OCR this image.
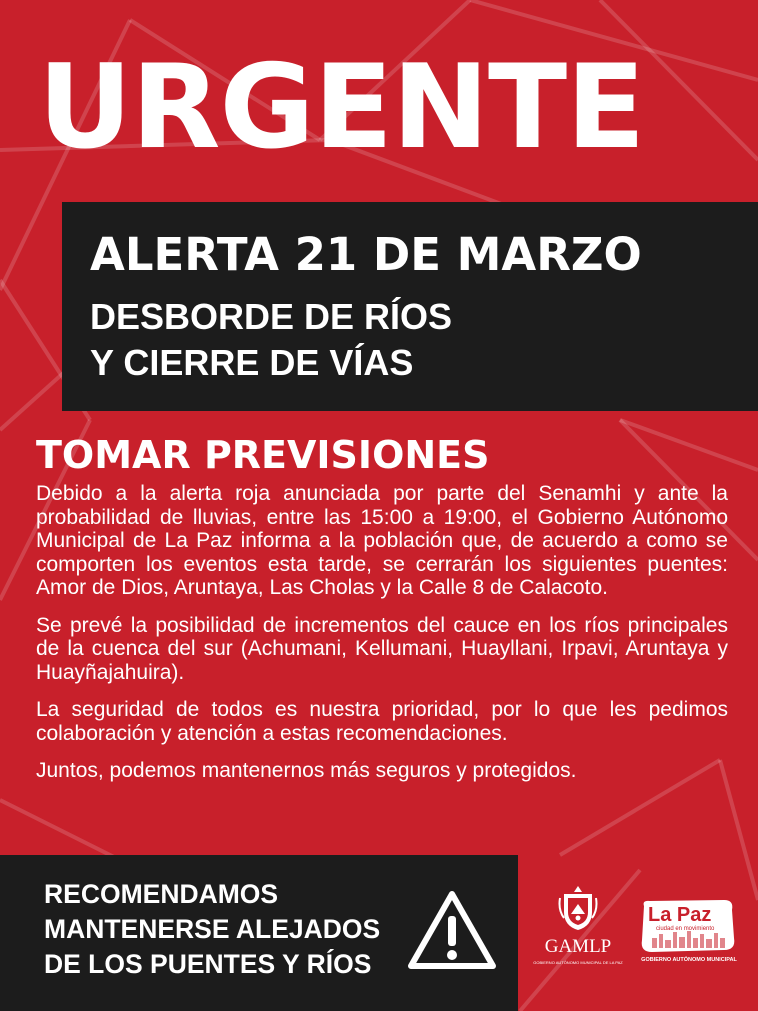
URGENTE
ALERTA 21 DE MARZO
DESBORDE DE RÍOS
Y CIERRE DE VÍAS
TOMAR PREVISIONES

Debido a la alerta roja anunciada por parte del Senamhi y ante la probabilidad de lluvias, entre las 15:00 a 19:00, el Gobierno Autónomo Municipal de La Paz informa a la población que, de acuerdo a como se comporten los eventos esta tarde, se cerrarán los siguientes puentes: Amor de Dios, Aruntaya, Las Cholas y la Calle 8 de Calacoto.

Se prevé la posibilidad de incrementos del cauce en los ríos principales de la cuenca del sur (Achumani, Kellumani, Huayllani, Irpavi, Aruntaya y Huayñajahuira).

La seguridad de todos es nuestra prioridad, por lo que les pedimos colaboración y atención a estas recomendaciones.

Juntos, podemos mantenernos más seguros y protegidos.

RECOMENDAMOS
MANTENERSE ALEJADOS
DE LOS PUENTES Y RÍOS
GAMLP
GOBIERNO AUTÓNOMO MUNICIPAL DE LA PAZ
La Paz
ciudad en movimiento
GOBIERNO AUTÓNOMO MUNICIPAL
